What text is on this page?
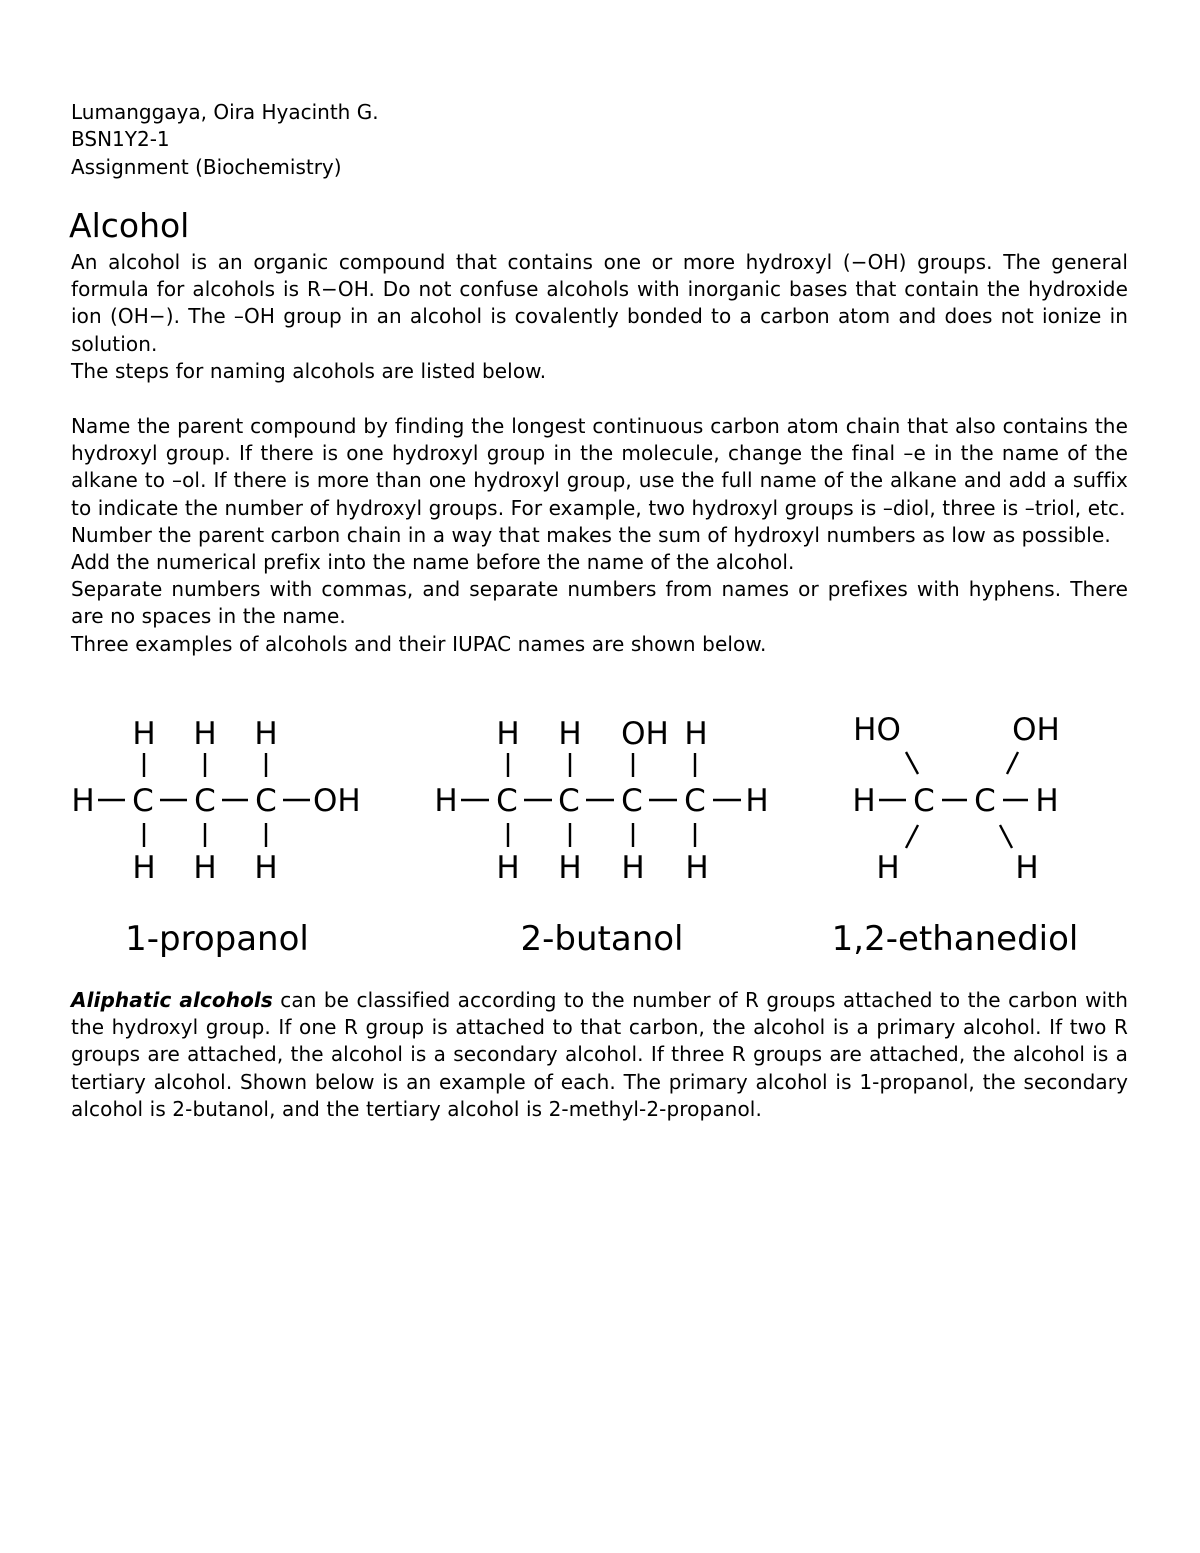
Lumanggaya, Oira Hyacinth G.
BSN1Y2-1
Assignment (Biochemistry)
Alcohol

An alcohol is an organic compound that contains one or more hydroxyl (−OH) groups. The general formula for alcohols is R−OH. Do not confuse alcohols with inorganic bases that contain the hydroxide ion (OH−). The –OH group in an alcohol is covalently bonded to a carbon atom and does not ionize in solution.

The steps for naming alcohols are listed below.

Name the parent compound by finding the longest continuous carbon atom chain that also contains the hydroxyl group. If there is one hydroxyl group in the molecule, change the final –e in the name of the alkane to –ol. If there is more than one hydroxyl group, use the full name of the alkane and add a suffix to indicate the number of hydroxyl groups. For example, two hydroxyl groups is –diol, three is –triol, etc.

Number the parent carbon chain in a way that makes the sum of hydroxyl numbers as low as possible.

Add the numerical prefix into the name before the name of the alcohol.

Separate numbers with commas, and separate numbers from names or prefixes with hyphens. There are no spaces in the name.

Three examples of alcohols and their IUPAC names are shown below.

H H H
H C C C OH
H H H
H H OH H
H C C C C H
H H H H
HO	OH
H C C H
H	H
1-propanol	2-butanol	1,2-ethanediol

Aliphatic alcohols can be classified according to the number of R groups attached to the carbon with the hydroxyl group. If one R group is attached to that carbon, the alcohol is a primary alcohol. If two R groups are attached, the alcohol is a secondary alcohol. If three R groups are attached, the alcohol is a tertiary alcohol. Shown below is an example of each. The primary alcohol is 1-propanol, the secondary alcohol is 2-butanol, and the tertiary alcohol is 2-methyl-2-propanol.
